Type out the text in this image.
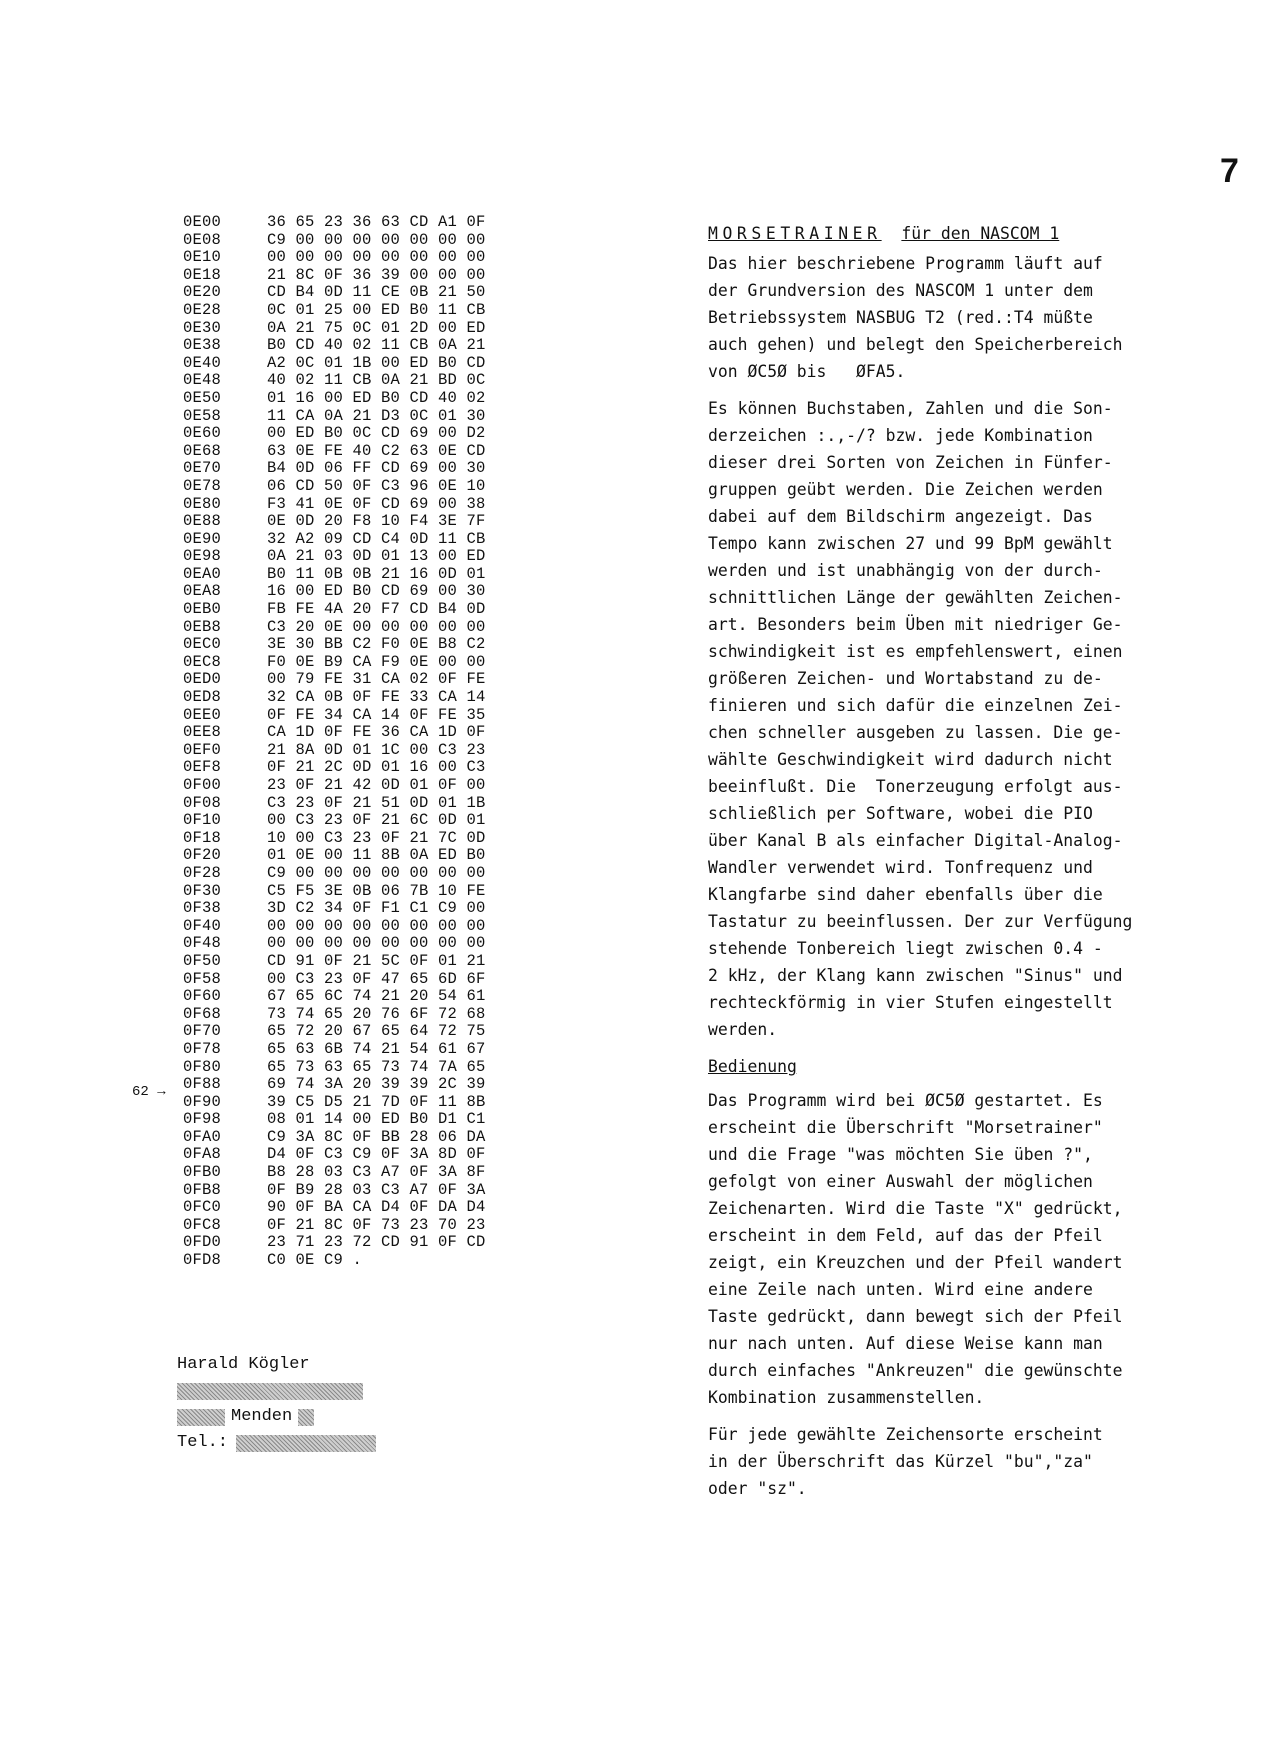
7
0E00	36 65 23 36 63 CD A1 0F
0E08	C9 00 00 00 00 00 00 00
0E10	00 00 00 00 00 00 00 00
0E18	21 8C 0F 36 39 00 00 00
0E20	CD B4 0D 11 CE 0B 21 50
0E28	0C 01 25 00 ED B0 11 CB
0E30	0A 21 75 0C 01 2D 00 ED
0E38	B0 CD 40 02 11 CB 0A 21
0E40	A2 0C 01 1B 00 ED B0 CD
0E48	40 02 11 CB 0A 21 BD 0C
0E50	01 16 00 ED B0 CD 40 02
0E58	11 CA 0A 21 D3 0C 01 30
0E60	00 ED B0 0C CD 69 00 D2
0E68	63 0E FE 40 C2 63 0E CD
0E70	B4 0D 06 FF CD 69 00 30
0E78	06 CD 50 0F C3 96 0E 10
0E80	F3 41 0E 0F CD 69 00 38
0E88	0E 0D 20 F8 10 F4 3E 7F
0E90	32 A2 09 CD C4 0D 11 CB
0E98	0A 21 03 0D 01 13 00 ED
0EA0	B0 11 0B 0B 21 16 0D 01
0EA8	16 00 ED B0 CD 69 00 30
0EB0	FB FE 4A 20 F7 CD B4 0D
0EB8	C3 20 0E 00 00 00 00 00
0EC0	3E 30 BB C2 F0 0E B8 C2
0EC8	F0 0E B9 CA F9 0E 00 00
0ED0	00 79 FE 31 CA 02 0F FE
0ED8	32 CA 0B 0F FE 33 CA 14
0EE0	0F FE 34 CA 14 0F FE 35
0EE8	CA 1D 0F FE 36 CA 1D 0F
0EF0	21 8A 0D 01 1C 00 C3 23
0EF8	0F 21 2C 0D 01 16 00 C3
0F00	23 0F 21 42 0D 01 0F 00
0F08	C3 23 0F 21 51 0D 01 1B
0F10	00 C3 23 0F 21 6C 0D 01
0F18	10 00 C3 23 0F 21 7C 0D
0F20	01 0E 00 11 8B 0A ED B0
0F28	C9 00 00 00 00 00 00 00
0F30	C5 F5 3E 0B 06 7B 10 FE
0F38	3D C2 34 0F F1 C1 C9 00
0F40	00 00 00 00 00 00 00 00
0F48	00 00 00 00 00 00 00 00
0F50	CD 91 0F 21 5C 0F 01 21
0F58	00 C3 23 0F 47 65 6D 6F
0F60	67 65 6C 74 21 20 54 61
0F68	73 74 65 20 76 6F 72 68
0F70	65 72 20 67 65 64 72 75
0F78	65 63 6B 74 21 54 61 67
0F80	65 73 63 65 73 74 7A 65
0F88	69 74 3A 20 39 39 2C 39
0F90	39 C5 D5 21 7D 0F 11 8B
0F98	08 01 14 00 ED B0 D1 C1
0FA0	C9 3A 8C 0F BB 28 06 DA
0FA8	D4 0F C3 C9 0F 3A 8D 0F
0FB0	B8 28 03 C3 A7 0F 3A 8F
0FB8	0F B9 28 03 C3 A7 0F 3A
0FC0	90 0F BA CA D4 0F DA D4
0FC8	0F 21 8C 0F 73 23 70 23
0FD0	23 71 23 72 CD 91 0F CD
0FD8	C0 0E C9 .
62 →
Harald Kögler
Menden
Tel.:
MORSETRAINER für den NASCOM 1
Das hier beschriebene Programm läuft auf
der Grundversion des NASCOM 1 unter dem
Betriebssystem NASBUG T2 (red.:T4 müßte
auch gehen) und belegt den Speicherbereich
von ØC5Ø bis   ØFA5.
Es können Buchstaben, Zahlen und die Son-
derzeichen :.,-/? bzw. jede Kombination
dieser drei Sorten von Zeichen in Fünfer-
gruppen geübt werden. Die Zeichen werden
dabei auf dem Bildschirm angezeigt. Das
Tempo kann zwischen 27 und 99 BpM gewählt
werden und ist unabhängig von der durch-
schnittlichen Länge der gewählten Zeichen-
art. Besonders beim Üben mit niedriger Ge-
schwindigkeit ist es empfehlenswert, einen
größeren Zeichen- und Wortabstand zu de-
finieren und sich dafür die einzelnen Zei-
chen schneller ausgeben zu lassen. Die ge-
wählte Geschwindigkeit wird dadurch nicht
beeinflußt. Die  Tonerzeugung erfolgt aus-
schließlich per Software, wobei die PIO
über Kanal B als einfacher Digital-Analog-
Wandler verwendet wird. Tonfrequenz und
Klangfarbe sind daher ebenfalls über die
Tastatur zu beeinflussen. Der zur Verfügung
stehende Tonbereich liegt zwischen 0.4 -
2 kHz, der Klang kann zwischen "Sinus" und
rechteckförmig in vier Stufen eingestellt
werden.
Bedienung
Das Programm wird bei ØC5Ø gestartet. Es
erscheint die Überschrift "Morsetrainer"
und die Frage "was möchten Sie üben ?",
gefolgt von einer Auswahl der möglichen
Zeichenarten. Wird die Taste "X" gedrückt,
erscheint in dem Feld, auf das der Pfeil
zeigt, ein Kreuzchen und der Pfeil wandert
eine Zeile nach unten. Wird eine andere
Taste gedrückt, dann bewegt sich der Pfeil
nur nach unten. Auf diese Weise kann man
durch einfaches "Ankreuzen" die gewünschte
Kombination zusammenstellen.
Für jede gewählte Zeichensorte erscheint
in der Überschrift das Kürzel "bu","za"
oder "sz".
